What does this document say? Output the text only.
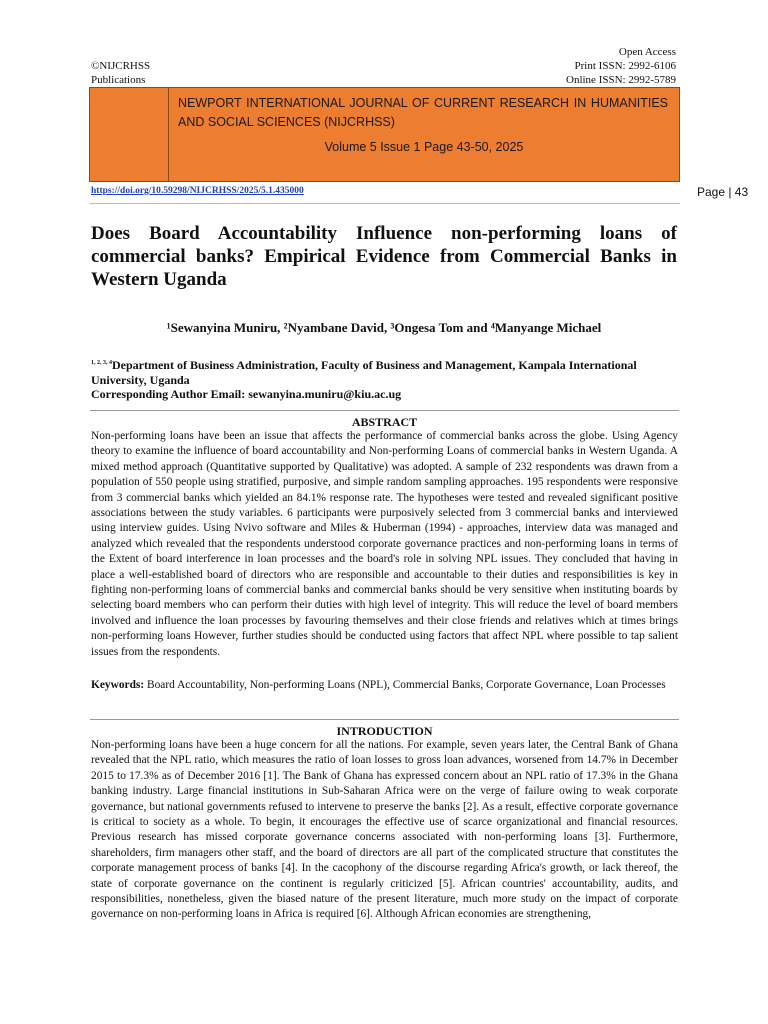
©NIJCRHSS
Publications
Open Access
Print ISSN: 2992-6106
Online ISSN: 2992-5789
NEWPORT INTERNATIONAL JOURNAL OF CURRENT RESEARCH IN HUMANITIES AND SOCIAL SCIENCES (NIJCRHSS)
Volume 5 Issue 1 Page 43-50, 2025
https://doi.org/10.59298/NIJCRHSS/2025/5.1.435000	Page | 43
Does Board Accountability Influence non-performing loans of commercial banks? Empirical Evidence from Commercial Banks in Western Uganda
¹Sewanyina Muniru, ²Nyambane David, ³Ongesa Tom and ⁴Manyange Michael
$^{1, 2, 3, 4}$Department of Business Administration, Faculty of Business and Management, Kampala International University, Uganda
Corresponding Author Email: sewanyina.muniru@kiu.ac.ug
ABSTRACT
Non-performing loans have been an issue that affects the performance of commercial banks across the globe. Using Agency theory to examine the influence of board accountability and Non-performing Loans of commercial banks in Western Uganda. A mixed method approach (Quantitative supported by Qualitative) was adopted. A sample of 232 respondents was drawn from a population of 550 people using stratified, purposive, and simple random sampling approaches. 195 respondents were responsive from 3 commercial banks which yielded an 84.1% response rate. The hypotheses were tested and revealed significant positive associations between the study variables. 6 participants were purposively selected from 3 commercial banks and interviewed using interview guides. Using Nvivo software and Miles & Huberman (1994) - approaches, interview data was managed and analyzed which revealed that the respondents understood corporate governance practices and non-performing loans in terms of the Extent of board interference in loan processes and the board's role in solving NPL issues. They concluded that having in place a well-established board of directors who are responsible and accountable to their duties and responsibilities is key in fighting non-performing loans of commercial banks and commercial banks should be very sensitive when instituting boards by selecting board members who can perform their duties with high level of integrity. This will reduce the level of board members involved and influence the loan processes by favouring themselves and their close friends and relatives which at times brings non-performing loans However, further studies should be conducted using factors that affect NPL where possible to tap salient issues from the respondents.
Keywords: Board Accountability, Non-performing Loans (NPL), Commercial Banks, Corporate Governance, Loan Processes
INTRODUCTION
Non-performing loans have been a huge concern for all the nations. For example, seven years later, the Central Bank of Ghana revealed that the NPL ratio, which measures the ratio of loan losses to gross loan advances, worsened from 14.7% in December 2015 to 17.3% as of December 2016 [1]. The Bank of Ghana has expressed concern about an NPL ratio of 17.3% in the Ghana banking industry. Large financial institutions in Sub-Saharan Africa were on the verge of failure owing to weak corporate governance, but national governments refused to intervene to preserve the banks [2]. As a result, effective corporate governance is critical to society as a whole. To begin, it encourages the effective use of scarce organizational and financial resources. Previous research has missed corporate governance concerns associated with non-performing loans [3]. Furthermore, shareholders, firm managers other staff, and the board of directors are all part of the complicated structure that constitutes the corporate management process of banks [4]. In the cacophony of the discourse regarding Africa's growth, or lack thereof, the state of corporate governance on the continent is regularly criticized [5]. African countries' accountability, audits, and responsibilities, nonetheless, given the biased nature of the present literature, much more study on the impact of corporate governance on non-performing loans in Africa is required [6]. Although African economies are strengthening,
